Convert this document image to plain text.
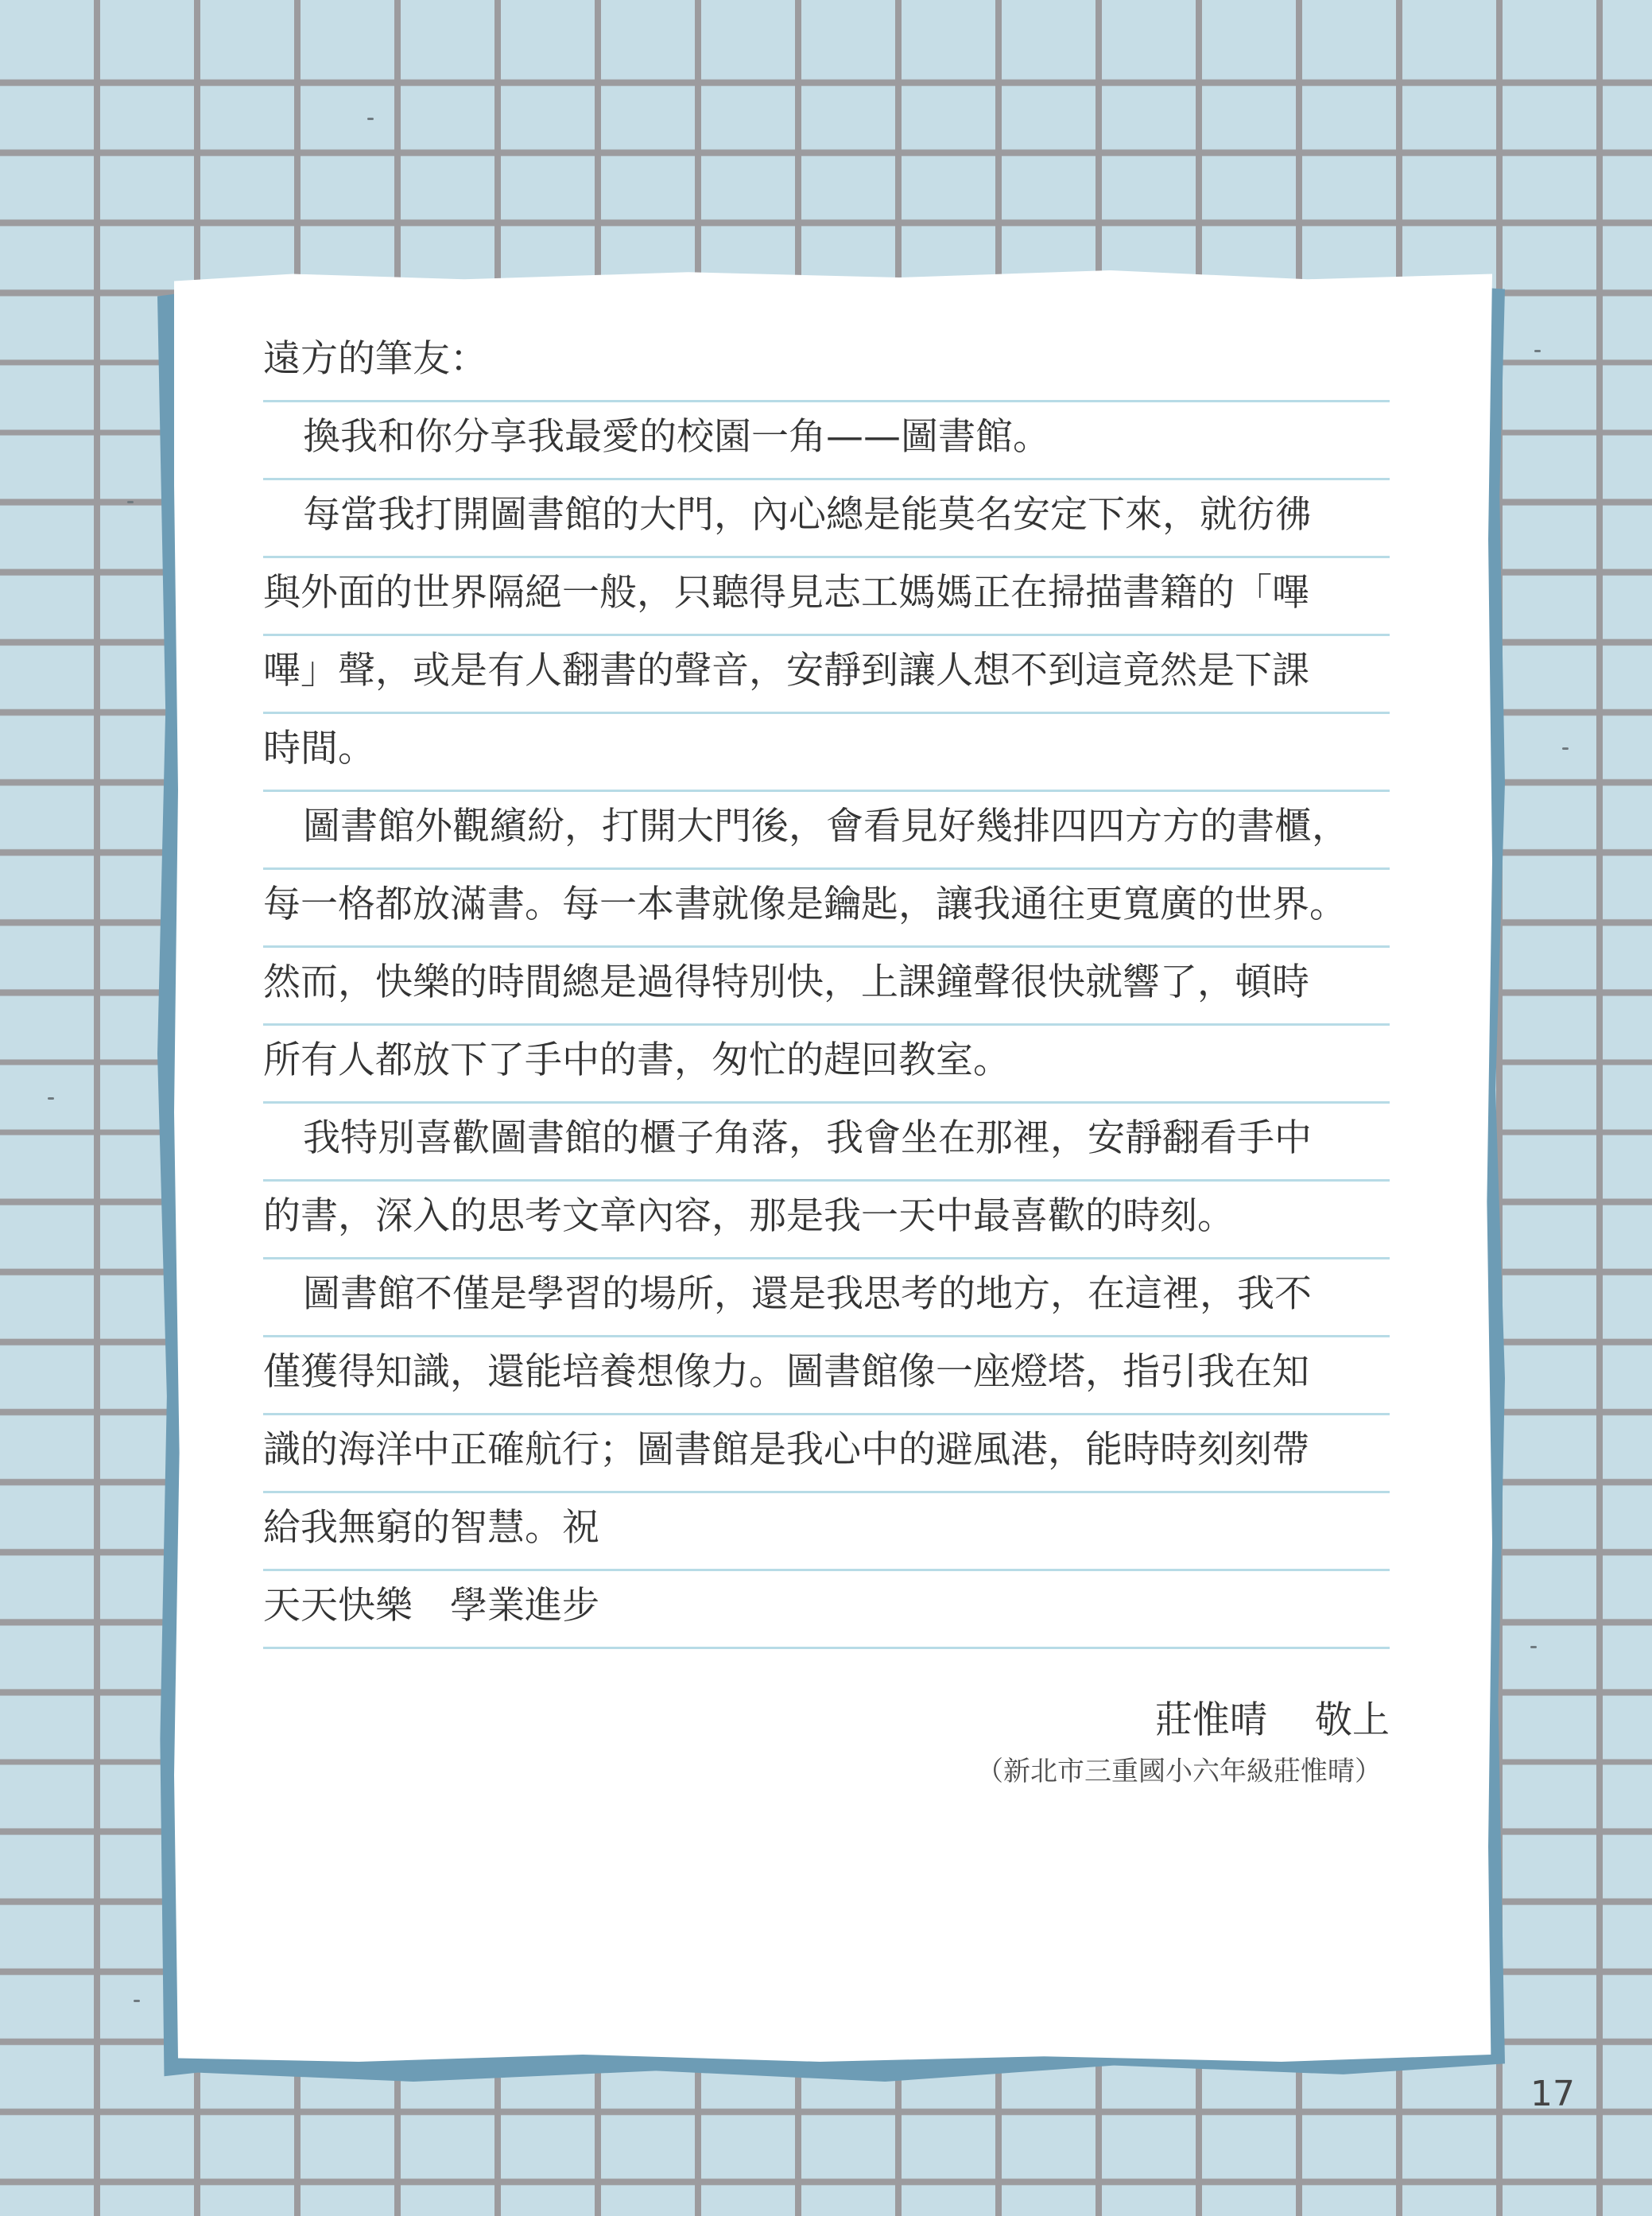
遠方的筆友：
換我和你分享我最愛的校園一角——圖書館。
每當我打開圖書館的大門，內心總是能莫名安定下來，就彷彿
與外面的世界隔絕一般，只聽得見志工媽媽正在掃描書籍的「嗶
嗶」聲，或是有人翻書的聲音，安靜到讓人想不到這竟然是下課
時間。
圖書館外觀繽紛，打開大門後，會看見好幾排四四方方的書櫃，
每一格都放滿書。每一本書就像是鑰匙，讓我通往更寬廣的世界。
然而，快樂的時間總是過得特別快，上課鐘聲很快就響了，頓時
所有人都放下了手中的書，匆忙的趕回教室。
我特別喜歡圖書館的櫃子角落，我會坐在那裡，安靜翻看手中
的書，深入的思考文章內容，那是我一天中最喜歡的時刻。
圖書館不僅是學習的場所，還是我思考的地方，在這裡，我不
僅獲得知識，還能培養想像力。圖書館像一座燈塔，指引我在知
識的海洋中正確航行；圖書館是我心中的避風港，能時時刻刻帶
給我無窮的智慧。祝
天天快樂　學業進步
莊惟晴 敬上
（新北市三重國小六年級莊惟晴）
17
